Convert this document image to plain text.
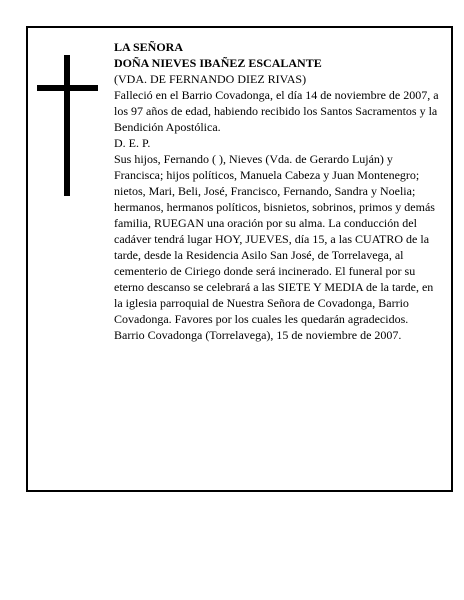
LA SEÑORA

DOÑA NIEVES IBAÑEZ ESCALANTE

(VDA. DE FERNANDO DIEZ RIVAS)

Falleció en el Barrio Covadonga, el día 14 de noviembre de 2007, a los 97 años de edad, habiendo recibido los Santos Sacramentos y la Bendición Apostólica.

D. E. P.

Sus hijos, Fernando ( ), Nieves (Vda. de Gerardo Luján) y Francisca; hijos políticos, Manuela Cabeza y Juan Montenegro; nietos, Mari, Beli, José, Francisco, Fernando, Sandra y Noelia; hermanos, hermanos políticos, bisnietos, sobrinos, primos y demás familia, RUEGAN una oración por su alma. La conducción del cadáver tendrá lugar HOY, JUEVES, día 15, a las CUATRO de la tarde, desde la Residencia Asilo San José, de Torrelavega, al cementerio de Ciriego donde será incinerado. El funeral por su eterno descanso se celebrará a las SIETE Y MEDIA de la tarde, en la iglesia parroquial de Nuestra Señora de Covadonga, Barrio Covadonga. Favores por los cuales les quedarán agradecidos.

Barrio Covadonga (Torrelavega), 15 de noviembre de 2007.
